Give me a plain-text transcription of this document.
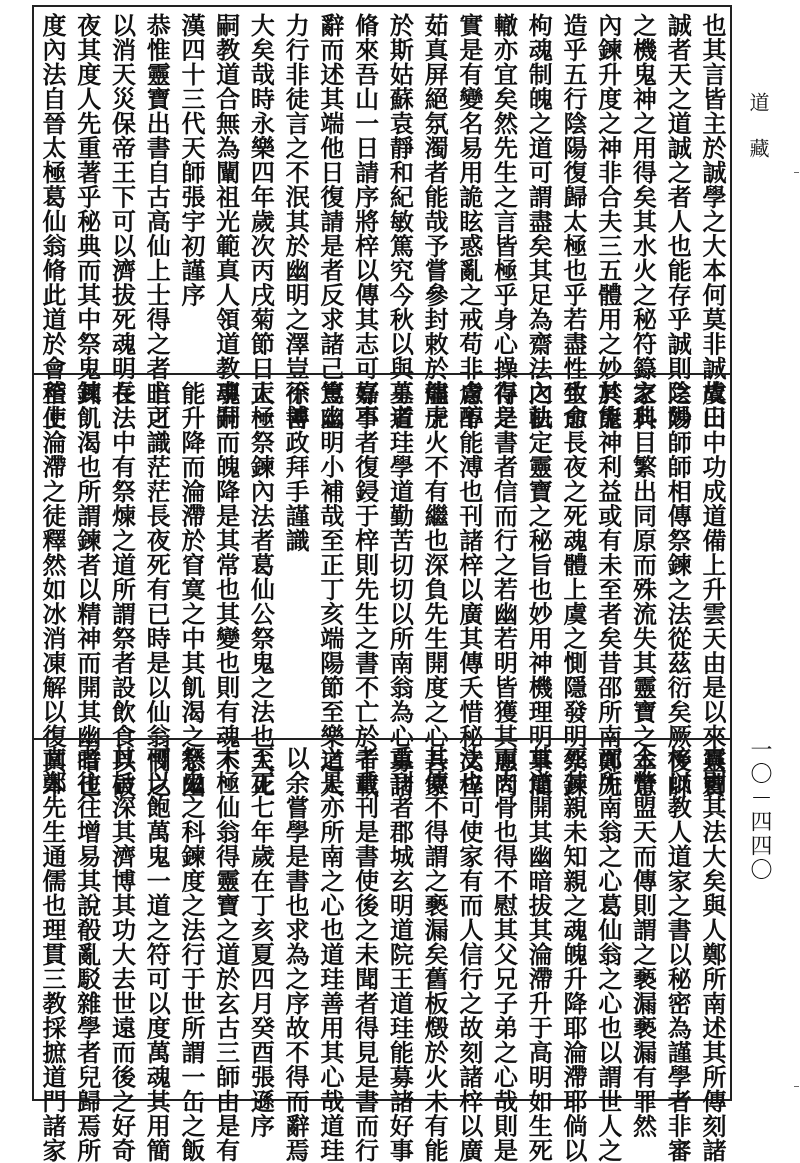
也其言皆主於誠學之大本何莫非誠故曰
誠者天之道誠之者人也能存乎誠則陰陽
之機鬼神之用得矣其水火之秘符籙之典
內鍊升度之神非合夫三五體用之妙其能
造乎五行陰陽復歸太極也乎若盡性致命
枸魂制魄之道可謂盡矣其足為齋法之軌
轍亦宜矣然先生之言皆極乎身心操存之
實是有變名易用詭眩惑亂之戒苟非含醇
茹真屏絕氛濁者能哉予嘗參封敕於龍虎
於斯姑蘇袁靜和紀敏篤究今秋以與募者
脩來吾山一日請序將梓以傳其志可嘉不
辭而述其端他日復請是者反求諸己篤志
力行非徒言之不泯其於幽明之澤豈不博
大矣哉時永樂四年歲次丙戌菊節日正一
嗣教道合無為闡祖光範真人領道教事嗣
漢四十三代天師張宇初謹序
恭惟靈寶出書自古高仙上士得之者上可
以消天災保帝王下可以濟拔死魂明長
夜其度人先重著乎秘典而其中祭鬼鍊
度內法自晉太極葛仙翁脩此道於會稽上
虞山中功成道備上升雲天由是以來靈寶
之妙師師相傳祭鍊之法從茲衍矣厥後師
家科目繁出同原而殊流失其靈寶之本意
於鬼神利益或有未至者矣昔邵所南鄭先
生愈長夜之死魂體上虞之惻隱發明祭鍊
內法定靈寶之秘旨也妙用神機理明事簡
得是書者信而行之若幽若明皆獲其惠尚
慮不能溥也刊諸梓以廣其傳夭惜秘文梓
燼于火不有繼也深負先生開度之心吾家
王道珪學道勤苦切切以所南翁為心募諸
好事者復鋟于梓則先生之書不亡於千載
豈幽明小補哉至正丁亥端陽節至樂道人
徐善政拜手謹識
太極祭鍊內法者葛仙公祭鬼之法也人死
魂升而魄降是其常也其變也則有魂不
能升降而淪滯於窅寞之中其飢渴之愁幽
暗之識茫茫長夜死有已時是以仙翁憫之
在法中有祭煉之道所謂祭者設飲食以破
其飢渴也所謂鍊者以精神而開其幽暗也
至使淪滯之徒釋然如冰消凍解以復其本
真則其法大矣與人鄭所南述其所傳刻諸
梓以教人道家之書以秘密為謹學者非審
金幣盟天而傳則謂之褻漏褻漏有罪然
而所南翁之心葛仙翁之心也以謂世人之
死其親未知親之魂魄升降耶淪滯耶倘以
其道開其幽暗拔其淪滯升于高明如生死
而肉骨也得不慰其父兄子弟之心哉則是
法也可使家有而人信行之故刻諸梓以廣
其傳不得謂之褻漏矣舊板燬於火未有能
重刊者郡城玄明道院王道珪能募諸好事
者重刊是書使後之未聞者得見是書而行
之是亦所南之心也道珪善用其心哉道珪
以余嘗學是書也求為之序故不得而辭焉
至正七年歲在丁亥夏四月癸酉張遜序
太極仙翁得靈寶之道於玄古三師由是有
祭鬼之科鍊度之法行于世所謂一缶之飯
可以飽萬鬼一道之符可以度萬魂其用簡
其旨深其濟博其功大去世遠而後之好奇
者往往增易其說殽亂駁雜學者兒歸焉所
南鄭先生通儒也理貫三教採摭道門諸家
道藏
一〇－四四〇
